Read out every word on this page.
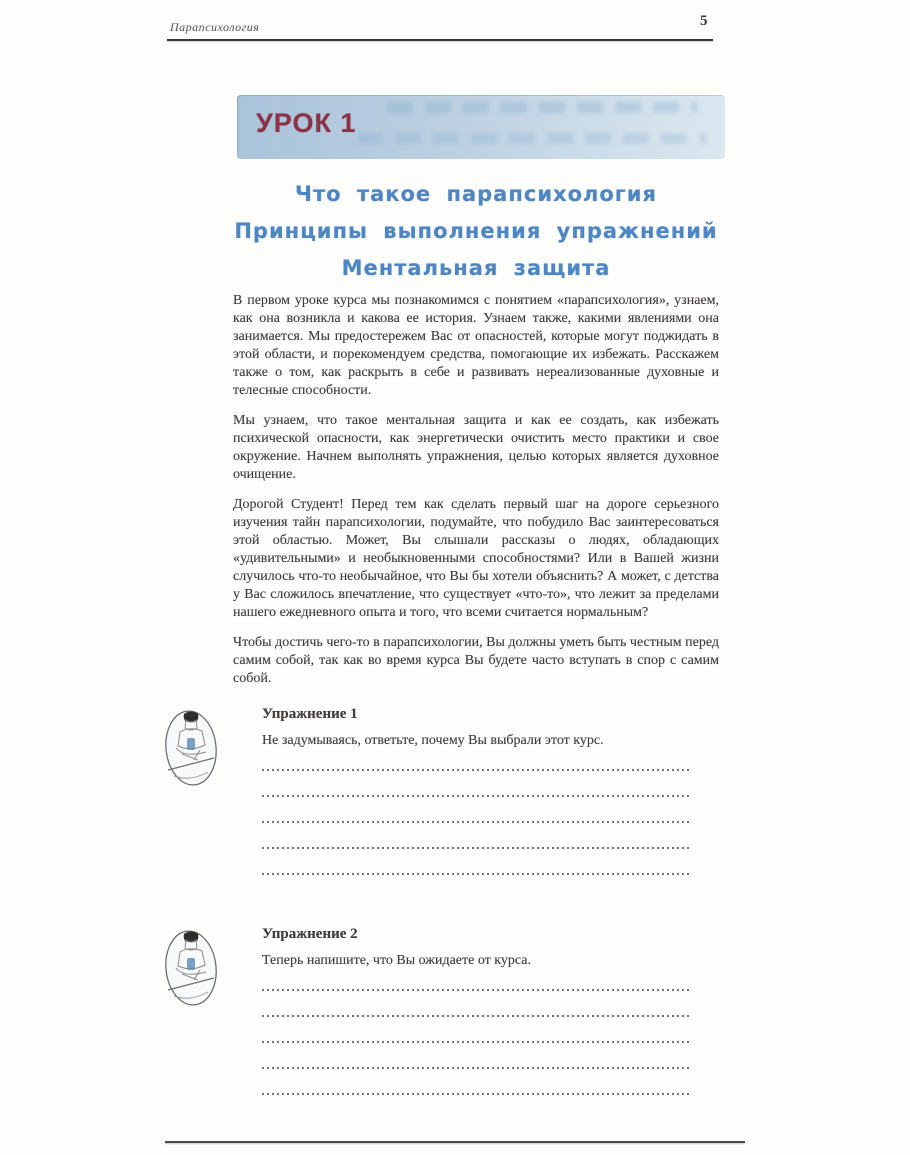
Парапсихология	5
УРОК 1
Что такое парапсихология
Принципы выполнения упражнений
Ментальная защита

В первом уроке курса мы познакомимся с понятием «парапсихология», узнаем, как она возникла и какова ее история. Узнаем также, какими явлениями она занимается. Мы предостережем Вас от опасностей, которые могут поджидать в этой области, и порекомендуем средства, помогающие их избежать. Расскажем также о том, как раскрыть в себе и развивать нереализованные духовные и телесные способности.

Мы узнаем, что такое ментальная защита и как ее создать, как избежать психической опасности, как энергетически очистить место практики и свое окружение. Начнем выполнять упражнения, целью которых является духовное очищение.

Дорогой Студент! Перед тем как сделать первый шаг на дороге серьезного изучения тайн парапсихологии, подумайте, что побудило Вас заинтересоваться этой областью. Может, Вы слышали рассказы о людях, обладающих «удивительными» и необыкновенными способностями? Или в Вашей жизни случилось что-то необычайное, что Вы бы хотели объяснить? А может, с детства у Вас сложилось впечатление, что существует «что-то», что лежит за пределами нашего ежедневного опыта и того, что всеми считается нормальным?

Чтобы достичь чего-то в парапсихологии, Вы должны уметь быть честным перед самим собой, так как во время курса Вы будете часто вступать в спор с самим собой.

Упражнение 1

Не задумываясь, ответьте, почему Вы выбрали этот курс.

Упражнение 2

Теперь напишите, что Вы ожидаете от курса.
